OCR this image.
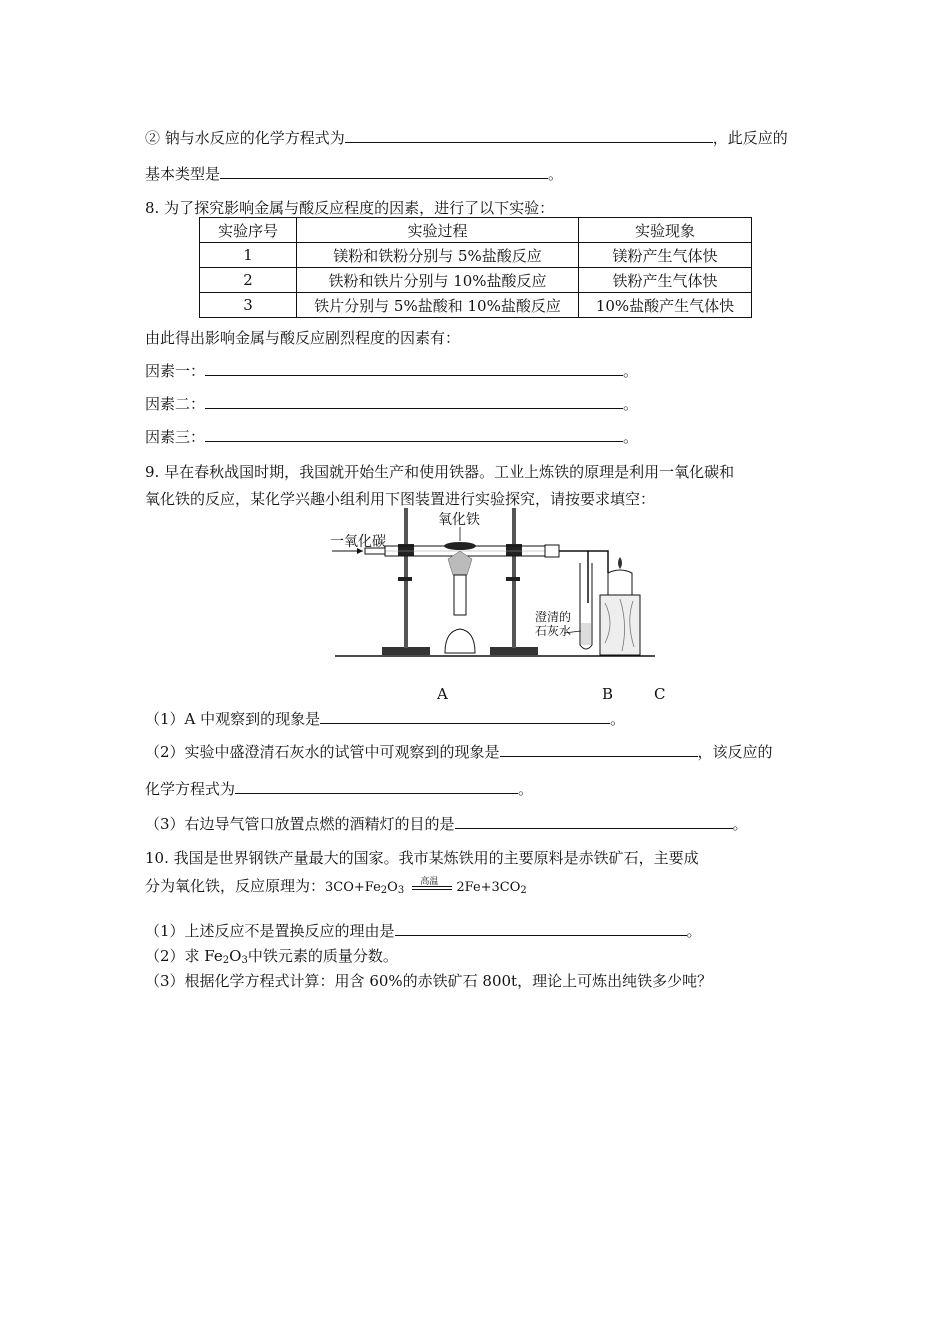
② 钠与水反应的化学方程式为	，此反应的
基本类型是	。
8. 为了探究影响金属与酸反应程度的因素，进行了以下实验：
实验序号	实验过程	实验现象
1	镁粉和铁粉分别与 5%盐酸反应	镁粉产生气体快
2	铁粉和铁片分别与 10%盐酸反应	铁粉产生气体快
3	铁片分别与 5%盐酸和 10%盐酸反应	10%盐酸产生气体快
由此得出影响金属与酸反应剧烈程度的因素有：
因素一：	。
因素二：	。
因素三：	。
9. 早在春秋战国时期，我国就开始生产和使用铁器。工业上炼铁的原理是利用一氧化碳和
氧化铁的反应，某化学兴趣小组利用下图装置进行实验探究，请按要求填空：
一氧化碳
氧化铁
澄清的
石灰水
A	B	C
（1）A 中观察到的现象是	。
（2）实验中盛澄清石灰水的试管中可观察到的现象是	，该反应的
化学方程式为	。
（3）右边导气管口放置点燃的酒精灯的目的是	。
10. 我国是世界钢铁产量最大的国家。我市某炼铁用的主要原料是赤铁矿石，主要成
分为氧化铁，反应原理为：$3CO+Fe_2O_3$
高温 $2Fe+3CO_2$
（1）上述反应不是置换反应的理由是	。
（2）求 $Fe_2O_3$中铁元素的质量分数。
（3）根据化学方程式计算：用含 60%的赤铁矿石 800t，理论上可炼出纯铁多少吨？
